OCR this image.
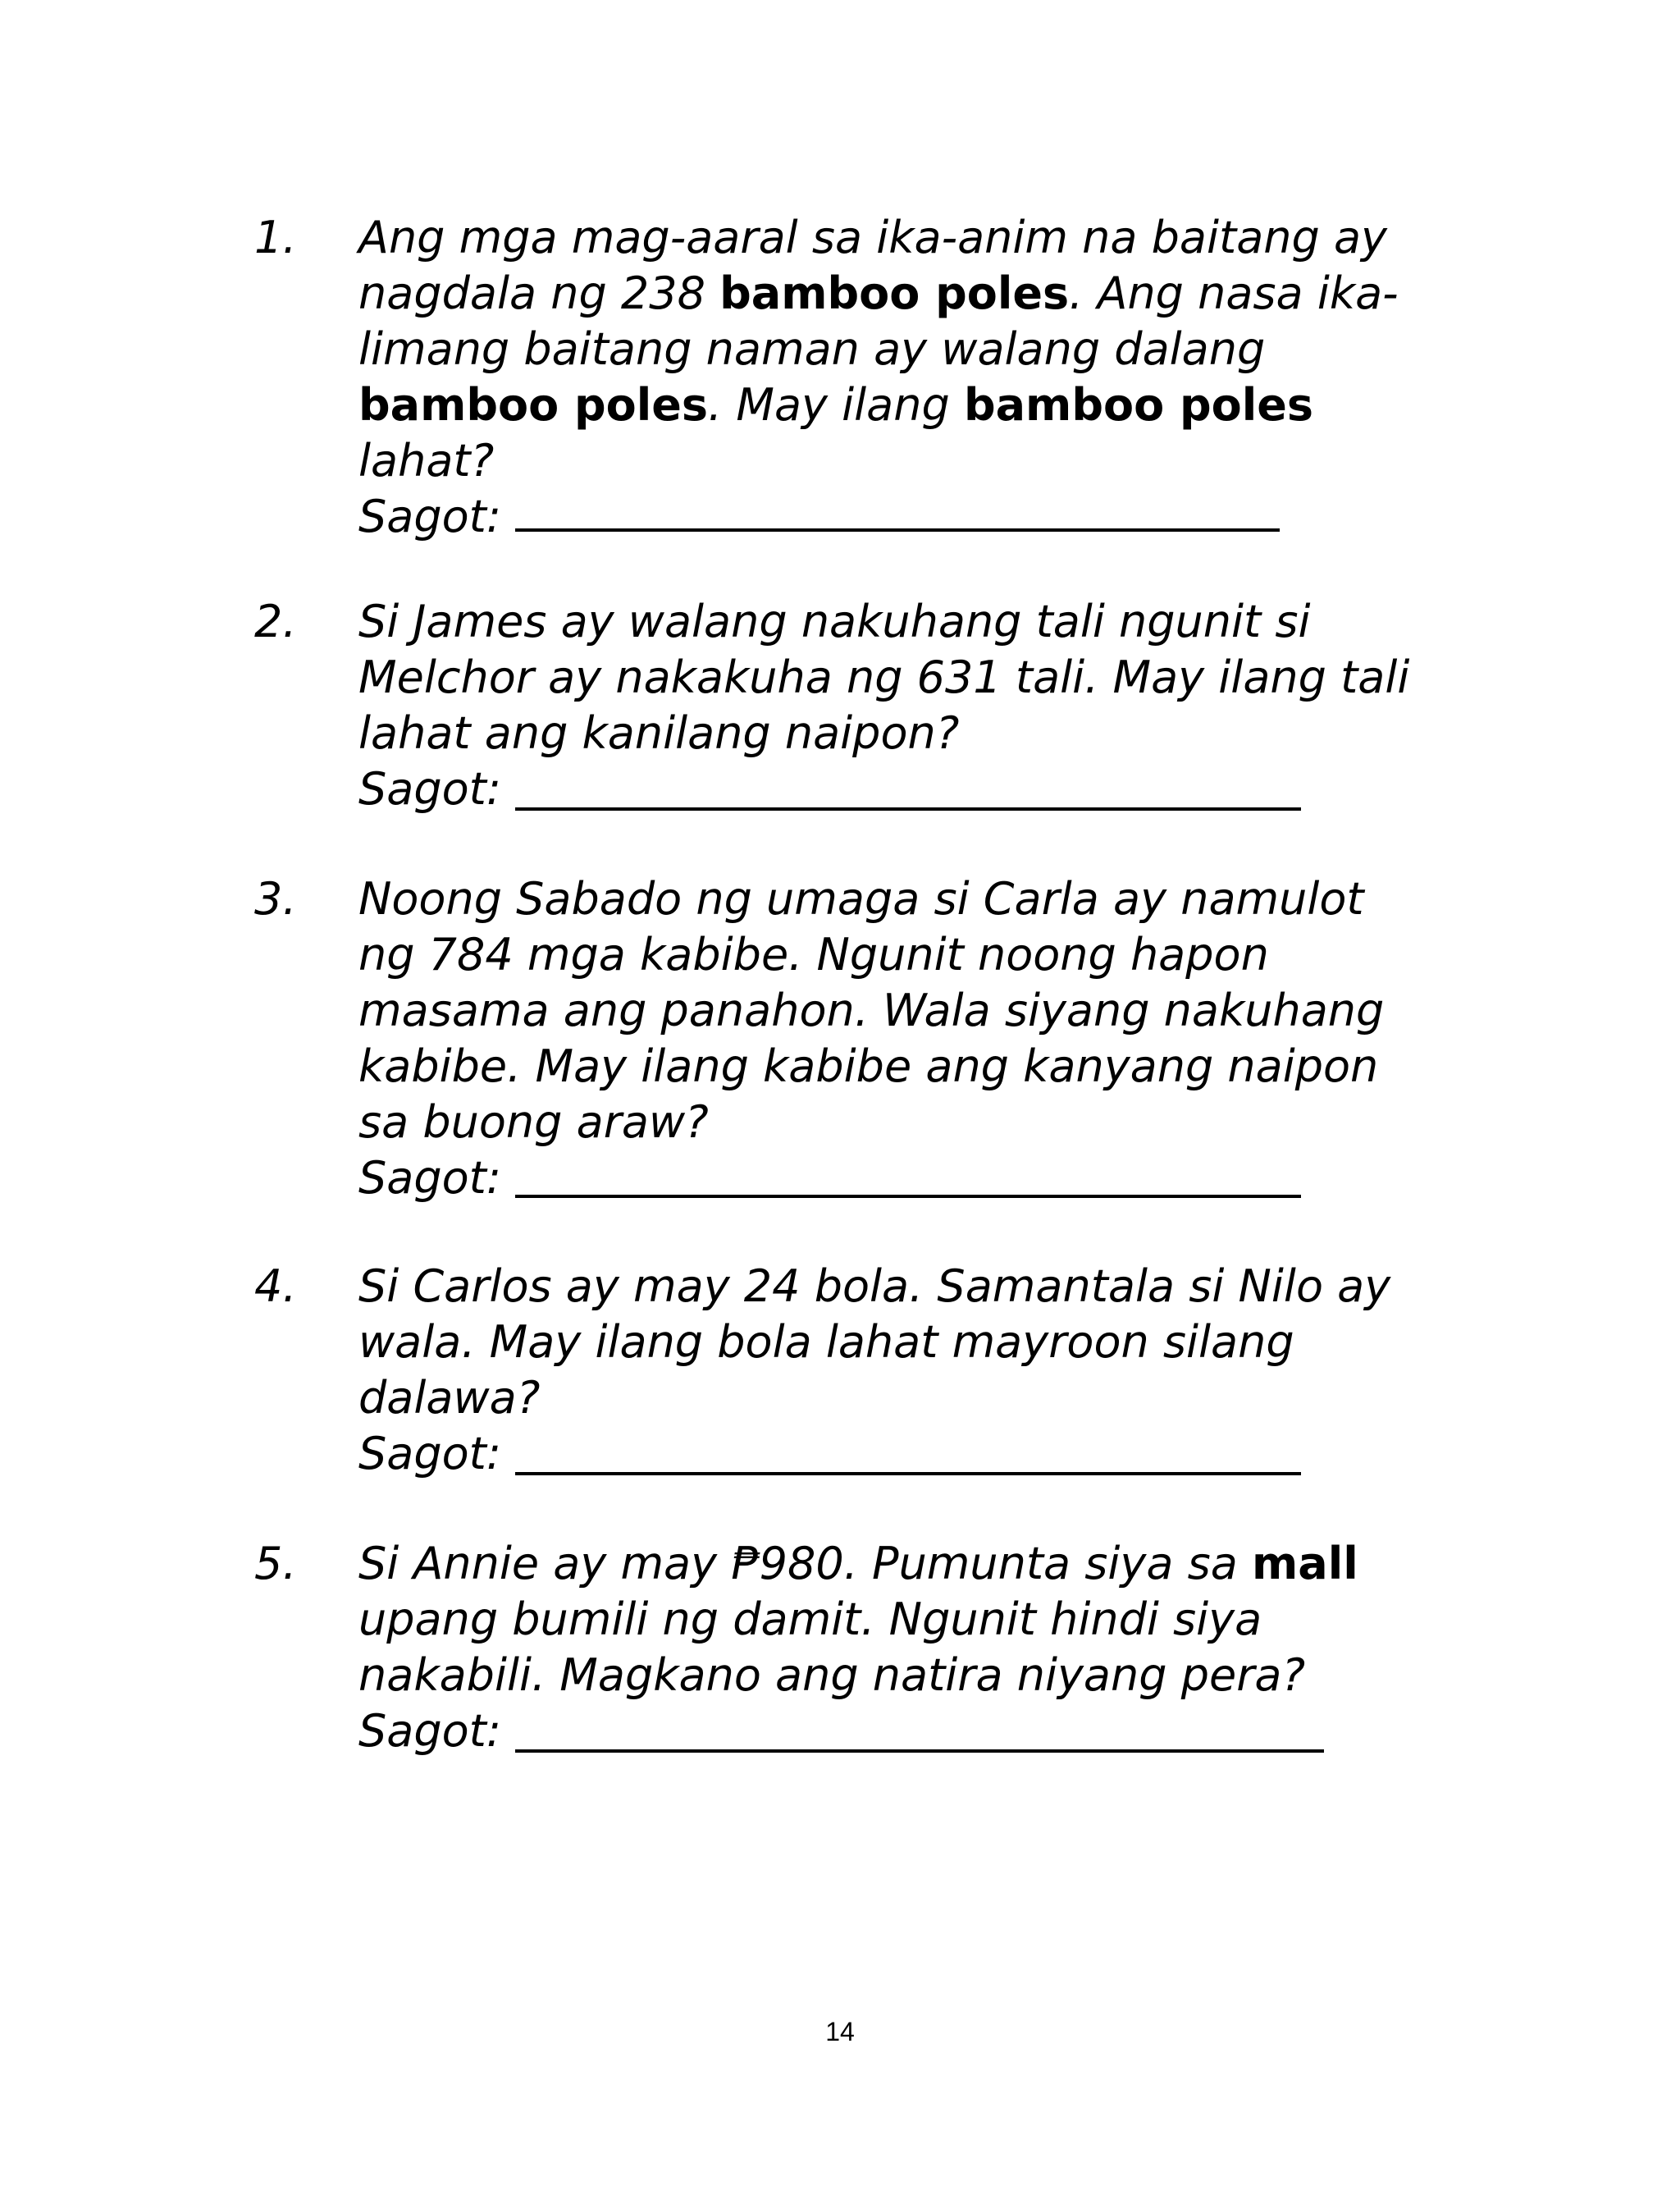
1. Ang mga mag-aaral sa ika-anim na baitang ay
nagdala ng 238 bamboo poles. Ang nasa ika-
limang baitang naman ay walang dalang
bamboo poles. May ilang bamboo poles
lahat?
Sagot:
2. Si James ay walang nakuhang tali ngunit si
Melchor ay nakakuha ng 631 tali. May ilang tali
lahat ang kanilang naipon?
Sagot:
3. Noong Sabado ng umaga si Carla ay namulot
ng 784 mga kabibe. Ngunit noong hapon
masama ang panahon. Wala siyang nakuhang
kabibe. May ilang kabibe ang kanyang naipon
sa buong araw?
Sagot:
4. Si Carlos ay may 24 bola. Samantala si Nilo ay
wala. May ilang bola lahat mayroon silang
dalawa?
Sagot:
5. Si Annie ay may ₱980. Pumunta siya sa mall
upang bumili ng damit. Ngunit hindi siya
nakabili. Magkano ang natira niyang pera?
Sagot:
14
